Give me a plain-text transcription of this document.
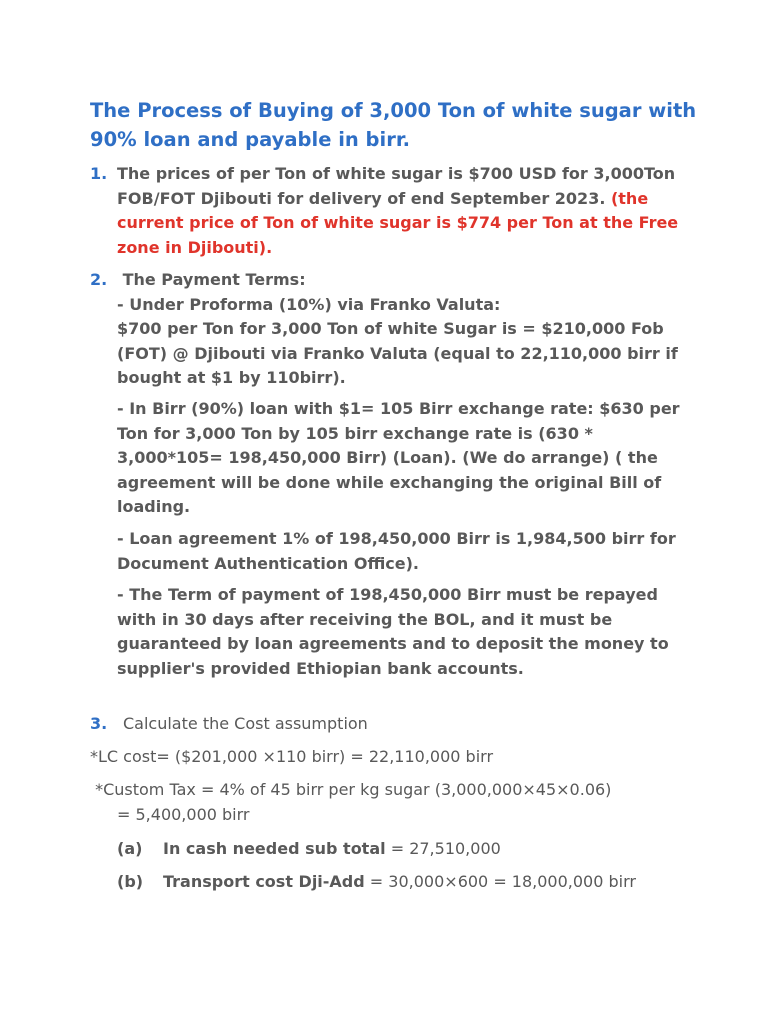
The Process of Buying of 3,000 Ton of white sugar with 90% loan and payable in birr.
1. The prices of per Ton of white sugar is $700 USD for 3,000Ton FOB/FOT Djibouti for delivery of end September 2023. (the current price of Ton of white sugar is $774 per Ton at the Free zone in Djibouti).

2. The Payment Terms:

- Under Proforma (10%) via Franko Valuta:

$700 per Ton for 3,000 Ton of white Sugar is = $210,000 Fob (FOT) @ Djibouti via Franko Valuta (equal to 22,110,000 birr if bought at $1 by 110birr).

- In Birr (90%) loan with $1= 105 Birr exchange rate: $630 per Ton for 3,000 Ton by 105 birr exchange rate is (630 * 3,000*105= 198,450,000 Birr) (Loan). (We do arrange) ( the agreement will be done while exchanging the original Bill of loading.

- Loan agreement 1% of 198,450,000 Birr is 1,984,500 birr for Document Authentication Office).

- The Term of payment of 198,450,000 Birr must be repayed with in 30 days after receiving the BOL, and it must be guaranteed by loan agreements and to deposit the money to supplier's provided Ethiopian bank accounts.

3. Calculate the Cost assumption

*LC cost= ($201,000 ×110 birr) = 22,110,000 birr

*Custom Tax = 4% of 45 birr per kg sugar (3,000,000×45×0.06)

= 5,400,000 birr

(a) In cash needed sub total = 27,510,000

(b) Transport cost Dji-Add = 30,000×600 = 18,000,000 birr
